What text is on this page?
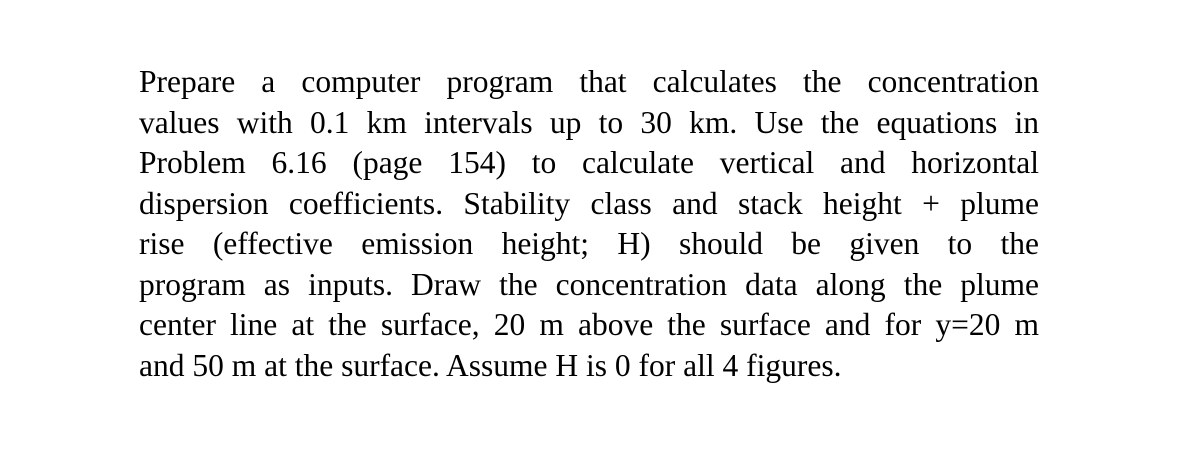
Prepare a computer program that calculates the concentration
values with 0.1 km intervals up to 30 km. Use the equations in
Problem 6.16 (page 154) to calculate vertical and horizontal
dispersion coefficients. Stability class and stack height + plume
rise (effective emission height; H) should be given to the
program as inputs. Draw the concentration data along the plume
center line at the surface, 20 m above the surface and for y=20 m
and 50 m at the surface. Assume H is 0 for all 4 figures.
